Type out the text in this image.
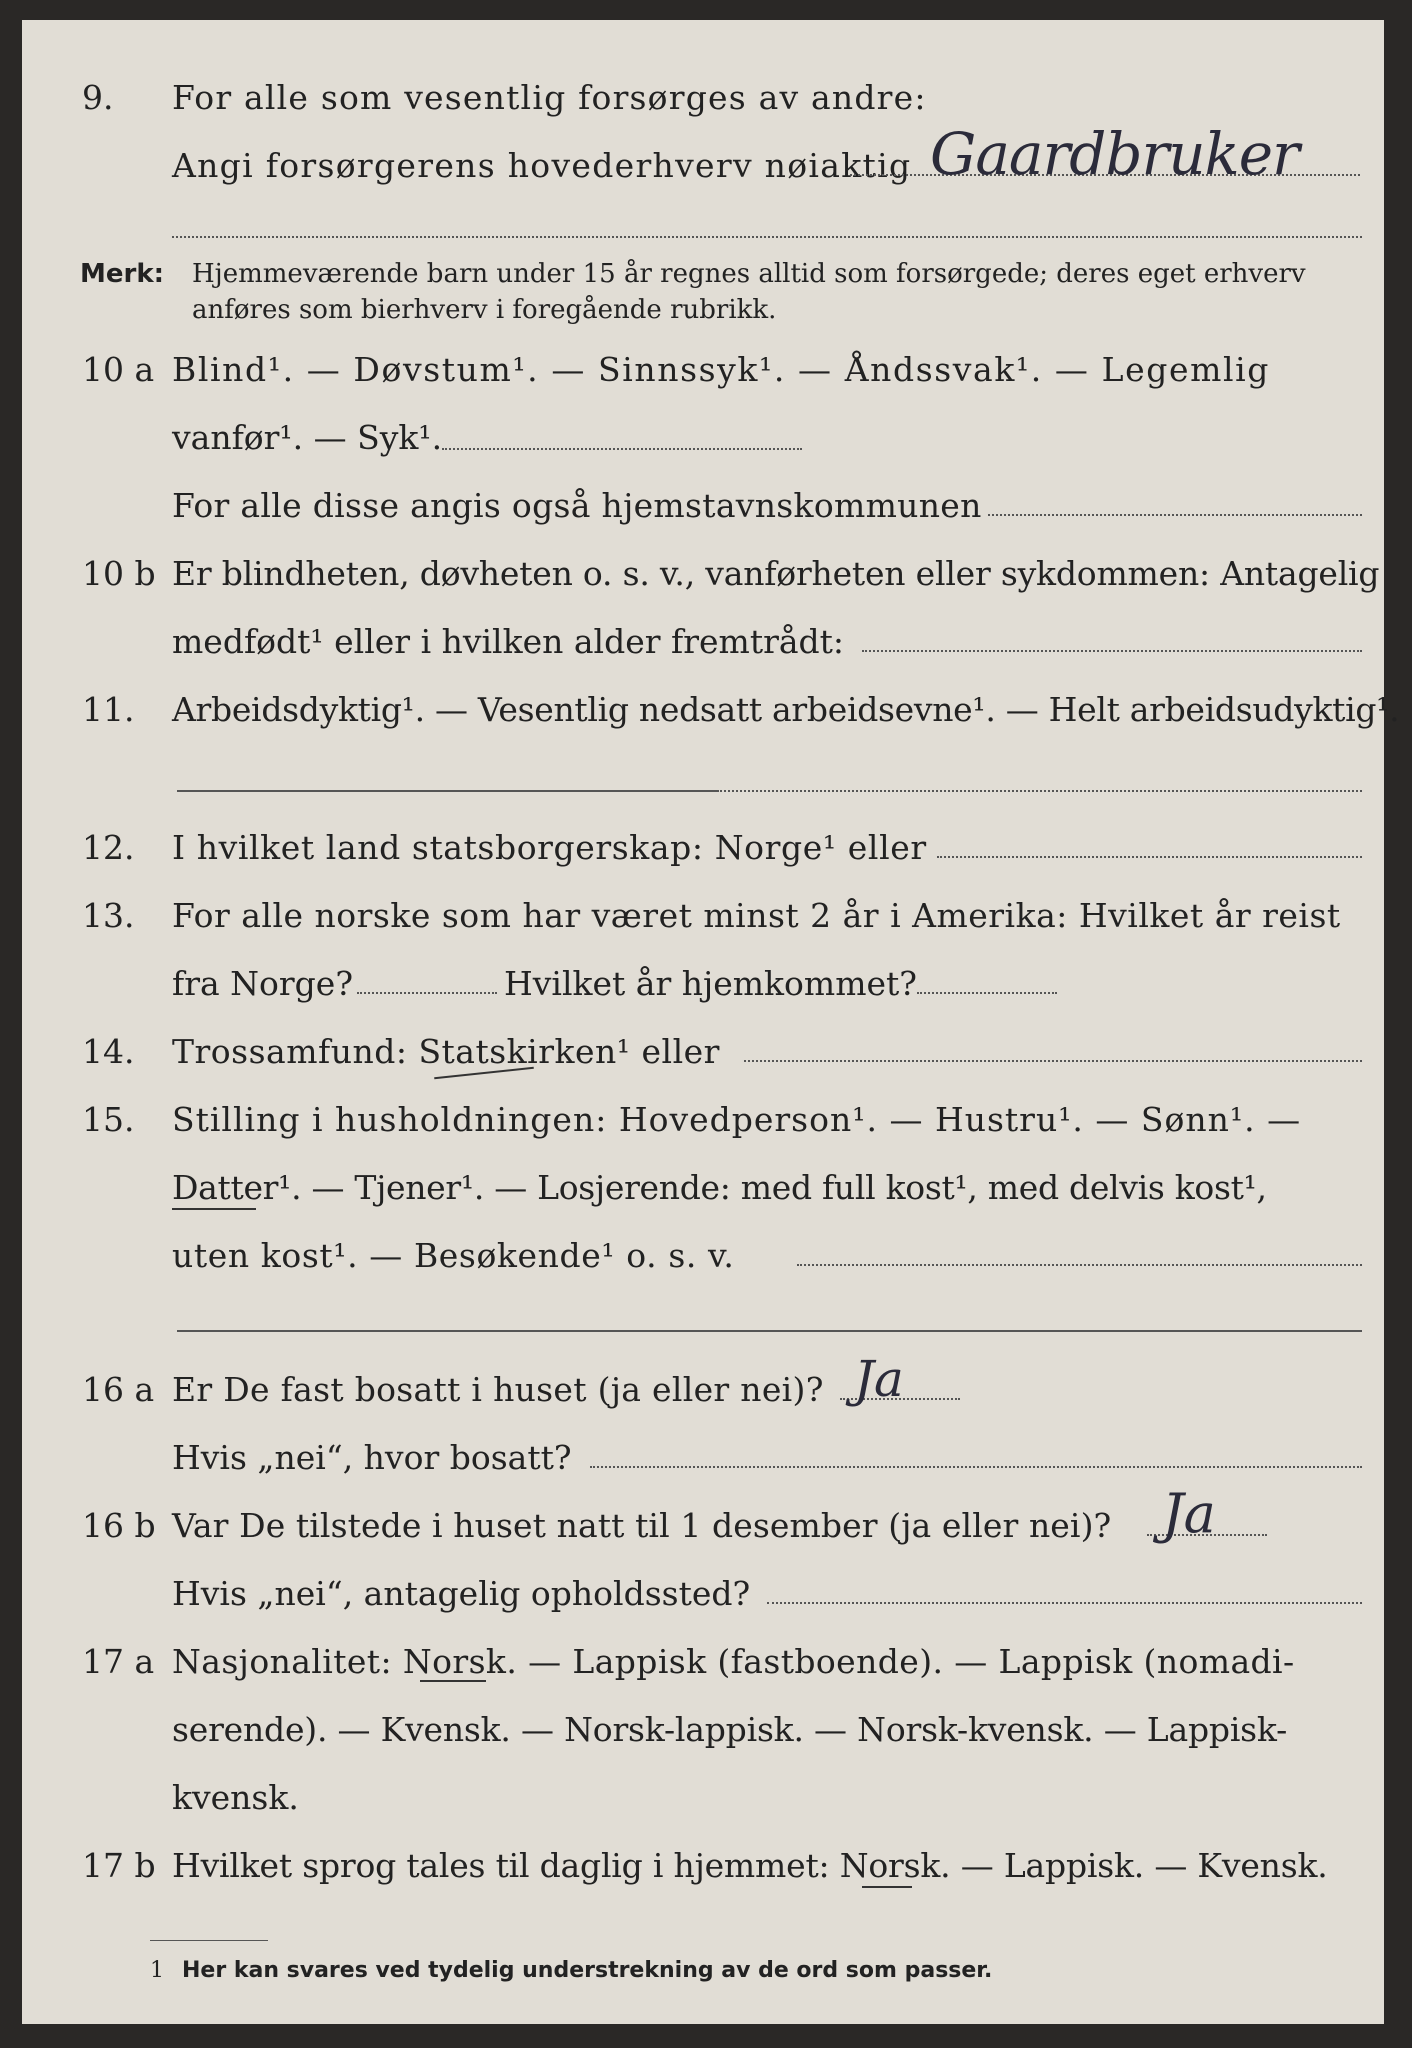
9. For alle som vesentlig forsørges av andre:
Angi forsørgerens hovederhverv nøiaktig Gaardbruker
Merk: Hjemmeværende barn under 15 år regnes alltid som forsørgede; deres eget erhverv
anføres som bierhverv i foregående rubrikk.
10 a Blind¹. — Døvstum¹. — Sinnssyk¹. — Åndssvak¹. — Legemlig
vanfør¹. — Syk¹.
For alle disse angis også hjemstavnskommunen
10 b Er blindheten, døvheten o. s. v., vanførheten eller sykdommen: Antagelig
medfødt¹ eller i hvilken alder fremtrådt:
11. Arbeidsdyktig¹. — Vesentlig nedsatt arbeidsevne¹. — Helt arbeidsudyktig¹.
12. I hvilket land statsborgerskap: Norge¹ eller
13. For alle norske som har været minst 2 år i Amerika: Hvilket år reist
fra Norge?	Hvilket år hjemkommet?
14. Trossamfund: Statskirken¹ eller
15. Stilling i husholdningen: Hovedperson¹. — Hustru¹. — Sønn¹. —
Datter¹. — Tjener¹. — Losjerende: med full kost¹, med delvis kost¹,
uten kost¹. — Besøkende¹ o. s. v.
16 a Er De fast bosatt i huset (ja eller nei)? Ja
Hvis „nei“, hvor bosatt?
16 b Var De tilstede i huset natt til 1 desember (ja eller nei)? Ja
Hvis „nei“, antagelig opholdssted?
17 a Nasjonalitet: Norsk. — Lappisk (fastboende). — Lappisk (nomadi-
serende). — Kvensk. — Norsk-lappisk. — Norsk-kvensk. — Lappisk-
kvensk.
17 b Hvilket sprog tales til daglig i hjemmet: Norsk. — Lappisk. — Kvensk.
1 Her kan svares ved tydelig understrekning av de ord som passer.
